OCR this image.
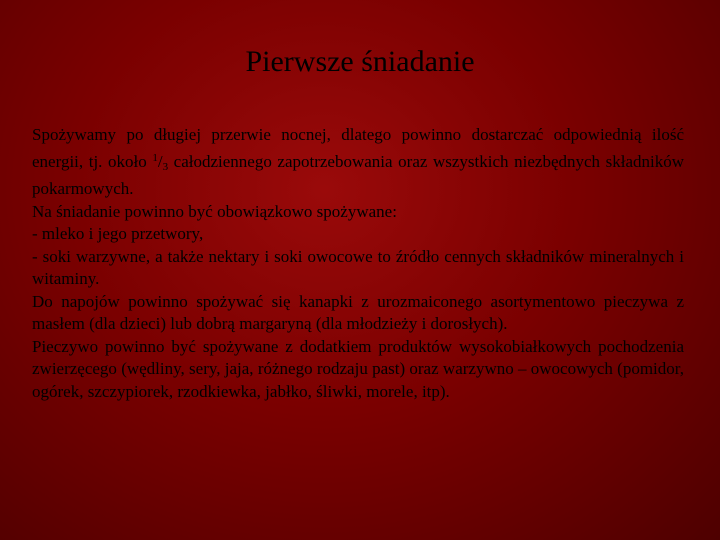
Pierwsze śniadanie

Spożywamy po długiej przerwie nocnej, dlatego powinno dostarczać odpowiednią ilość energii, tj. około $^1/_3$ całodziennego zapotrzebowania oraz wszystkich niezbędnych składników pokarmowych.

Na śniadanie powinno być obowiązkowo spożywane:

- mleko i jego przetwory,

- soki warzywne, a także nektary i soki owocowe to źródło cennych składników mineralnych i witaminy.

Do napojów powinno spożywać się kanapki z urozmaiconego asortymentowo pieczywa z masłem (dla dzieci) lub dobrą margaryną (dla młodzieży i dorosłych).

Pieczywo powinno być spożywane z dodatkiem produktów wysokobiałkowych pochodzenia zwierzęcego (wędliny, sery, jaja, różnego rodzaju past) oraz warzywno – owocowych (pomidor, ogórek, szczypiorek, rzodkiewka, jabłko, śliwki, morele, itp).
